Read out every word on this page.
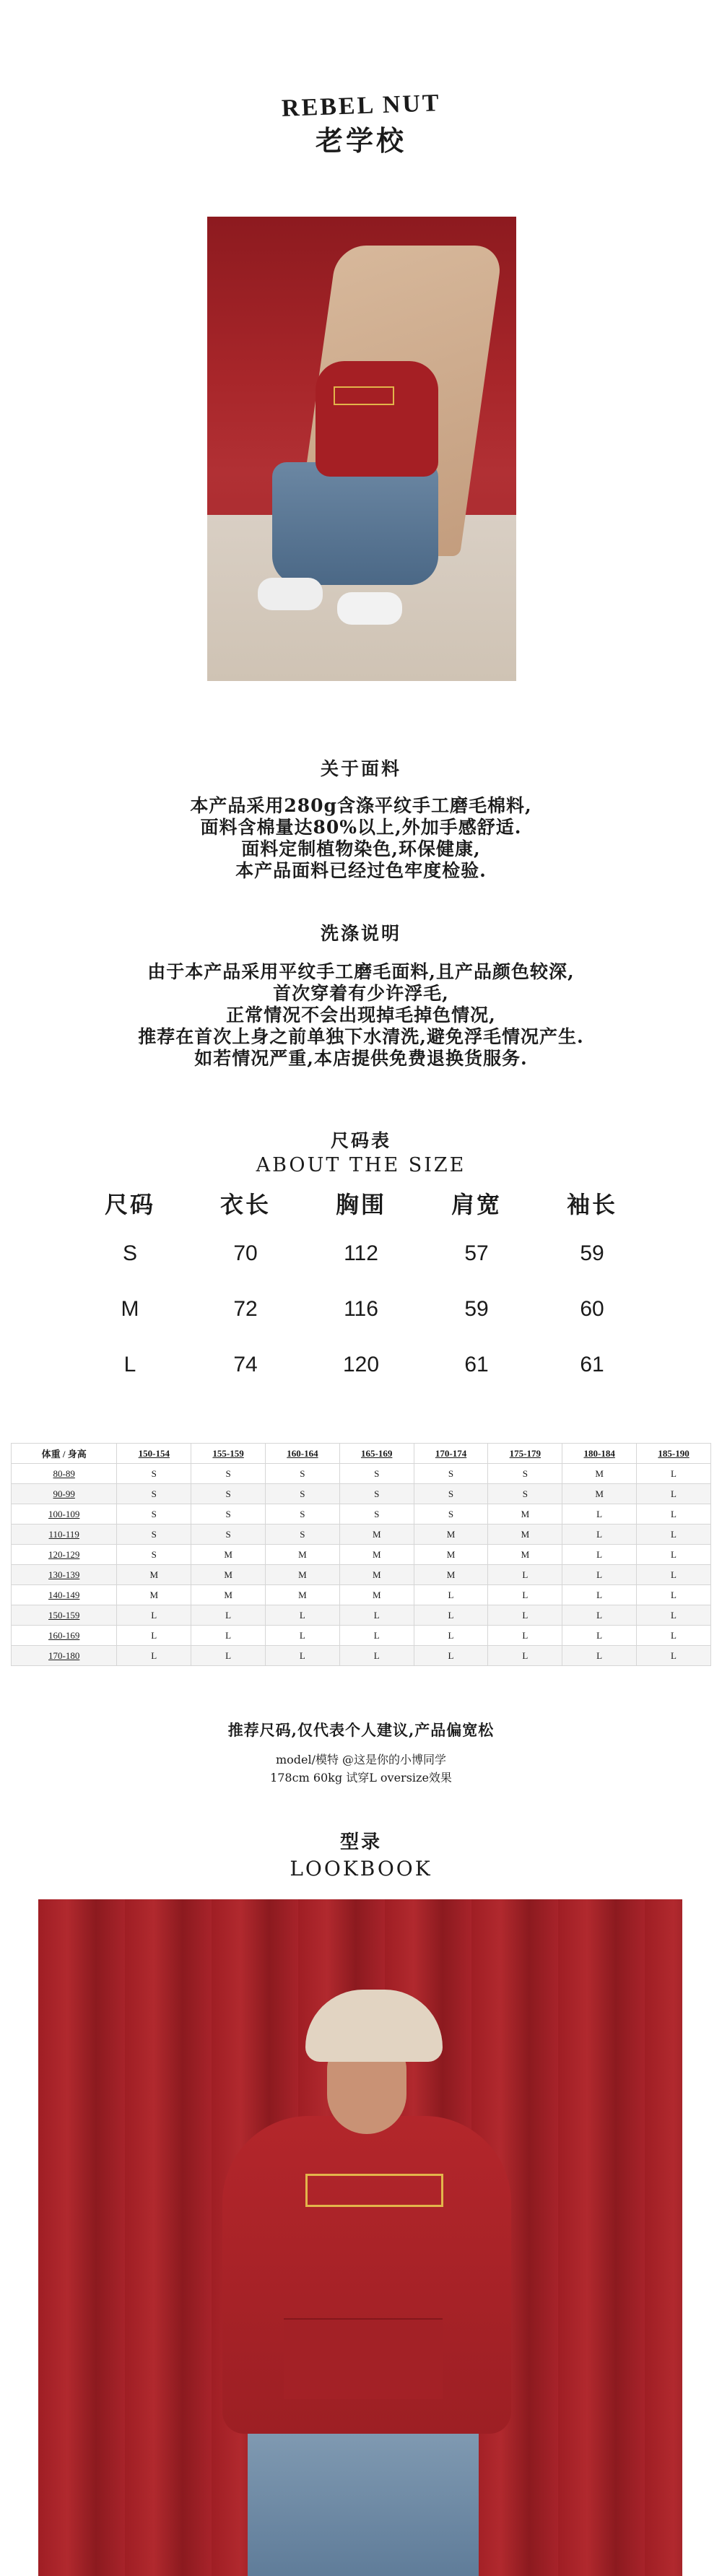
REBEL NUT
老学校
关于面料
本产品采用280g含涤平纹手工磨毛棉料,
面料含棉量达80%以上,外加手感舒适.
面料定制植物染色,环保健康,
本产品面料已经过色牢度检验.
洗涤说明
由于本产品采用平纹手工磨毛面料,且产品颜色较深,
首次穿着有少许浮毛,
正常情况不会出现掉毛掉色情况,
推荐在首次上身之前单独下水清洗,避免浮毛情况产生.
如若情况严重,本店提供免费退换货服务.
尺码表
ABOUT THE SIZE
尺码	衣长	胸围	肩宽	袖长
S	70	112	57	59
M	72	116	59	60
L	74	120	61	61
体重 / 身高	150-154	155-159	160-164	165-169	170-174	175-179	180-184	185-190
80-89	S	S	S	S	S	S	M	L
90-99	S	S	S	S	S	S	M	L
100-109	S	S	S	S	S	M	L	L
110-119	S	S	S	M	M	M	L	L
120-129	S	M	M	M	M	M	L	L
130-139	M	M	M	M	M	L	L	L
140-149	M	M	M	M	L	L	L	L
150-159	L	L	L	L	L	L	L	L
160-169	L	L	L	L	L	L	L	L
170-180	L	L	L	L	L	L	L	L
推荐尺码,仅代表个人建议,产品偏宽松
model/模特 @这是你的小博同学
178cm 60kg 试穿L oversize效果
型录
LOOKBOOK
